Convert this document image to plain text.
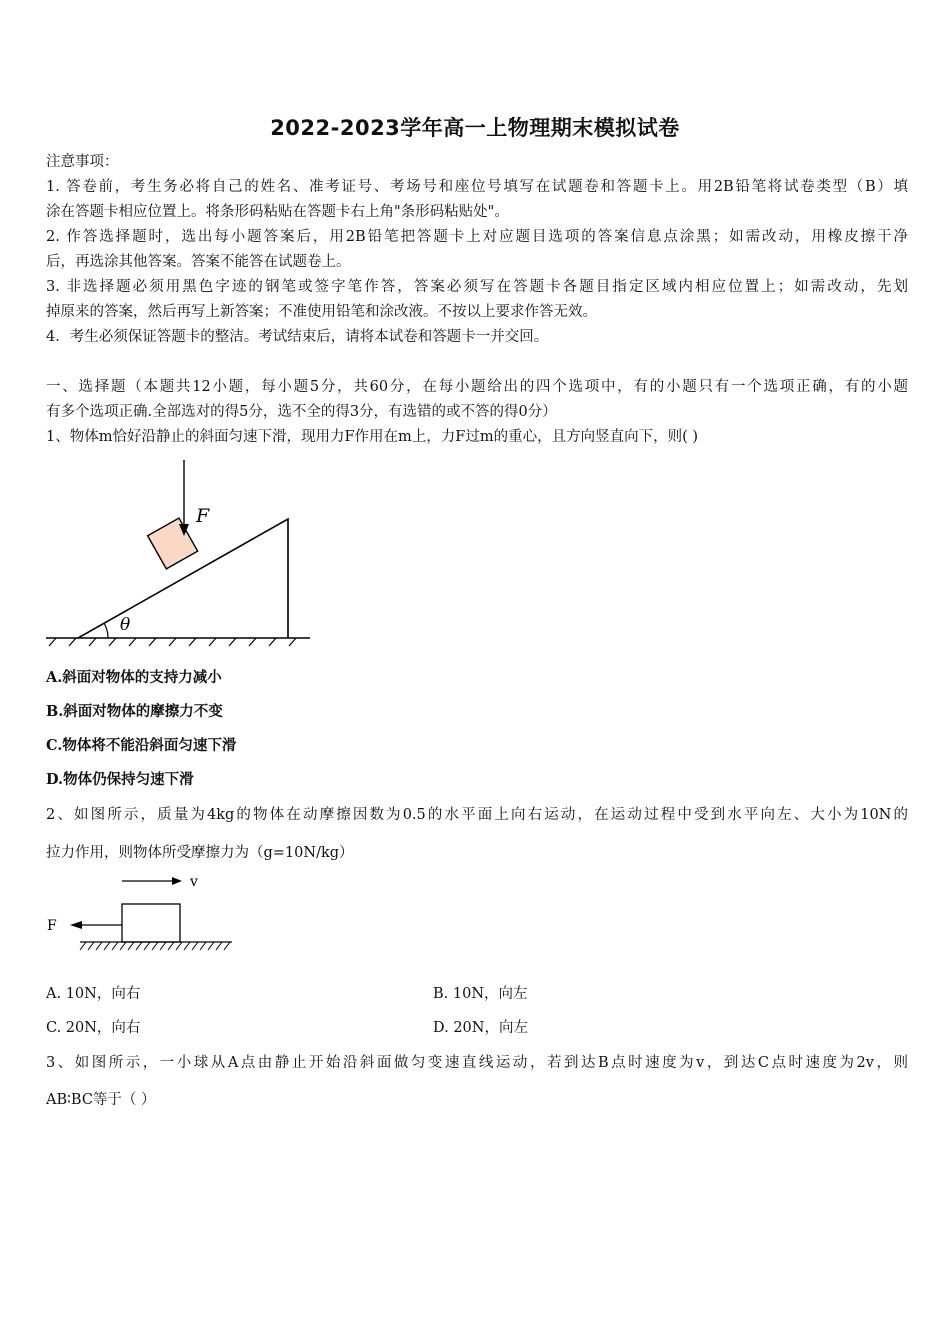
2022-2023学年高一上物理期末模拟试卷
注意事项：
1. 答卷前，考生务必将自己的姓名、准考证号、考场号和座位号填写在试题卷和答题卡上。用2B铅笔将试卷类型（B）填
涂在答题卡相应位置上。将条形码粘贴在答题卡右上角"条形码粘贴处"。
2. 作答选择题时，选出每小题答案后，用2B铅笔把答题卡上对应题目选项的答案信息点涂黑；如需改动，用橡皮擦干净
后，再选涂其他答案。答案不能答在试题卷上。
3. 非选择题必须用黑色字迹的钢笔或签字笔作答，答案必须写在答题卡各题目指定区域内相应位置上；如需改动，先划
掉原来的答案，然后再写上新答案；不准使用铅笔和涂改液。不按以上要求作答无效。
4．考生必须保证答题卡的整洁。考试结束后，请将本试卷和答题卡一并交回。
一、选择题（本题共12小题，每小题5分，共60分，在每小题给出的四个选项中，有的小题只有一个选项正确，有的小题
有多个选项正确.全部选对的得5分，选不全的得3分，有选错的或不答的得0分）
1、物体m恰好沿静止的斜面匀速下滑，现用力F作用在m上，力F过m的重心，且方向竖直向下，则( )
θ
F
A.斜面对物体的支持力减小
B.斜面对物体的摩擦力不变
C.物体将不能沿斜面匀速下滑
D.物体仍保持匀速下滑
2、如图所示，质量为4kg的物体在动摩擦因数为0.5的水平面上向右运动，在运动过程中受到水平向左、大小为10N的
拉力作用，则物体所受摩擦力为（g=10N/kg）
v
F
A. 10N，向右	B. 10N，向左
C. 20N，向右	D. 20N，向左
3、如图所示，一小球从A点由静止开始沿斜面做匀变速直线运动，若到达B点时速度为v，到达C点时速度为2v，则
AB∶BC等于（ ）
